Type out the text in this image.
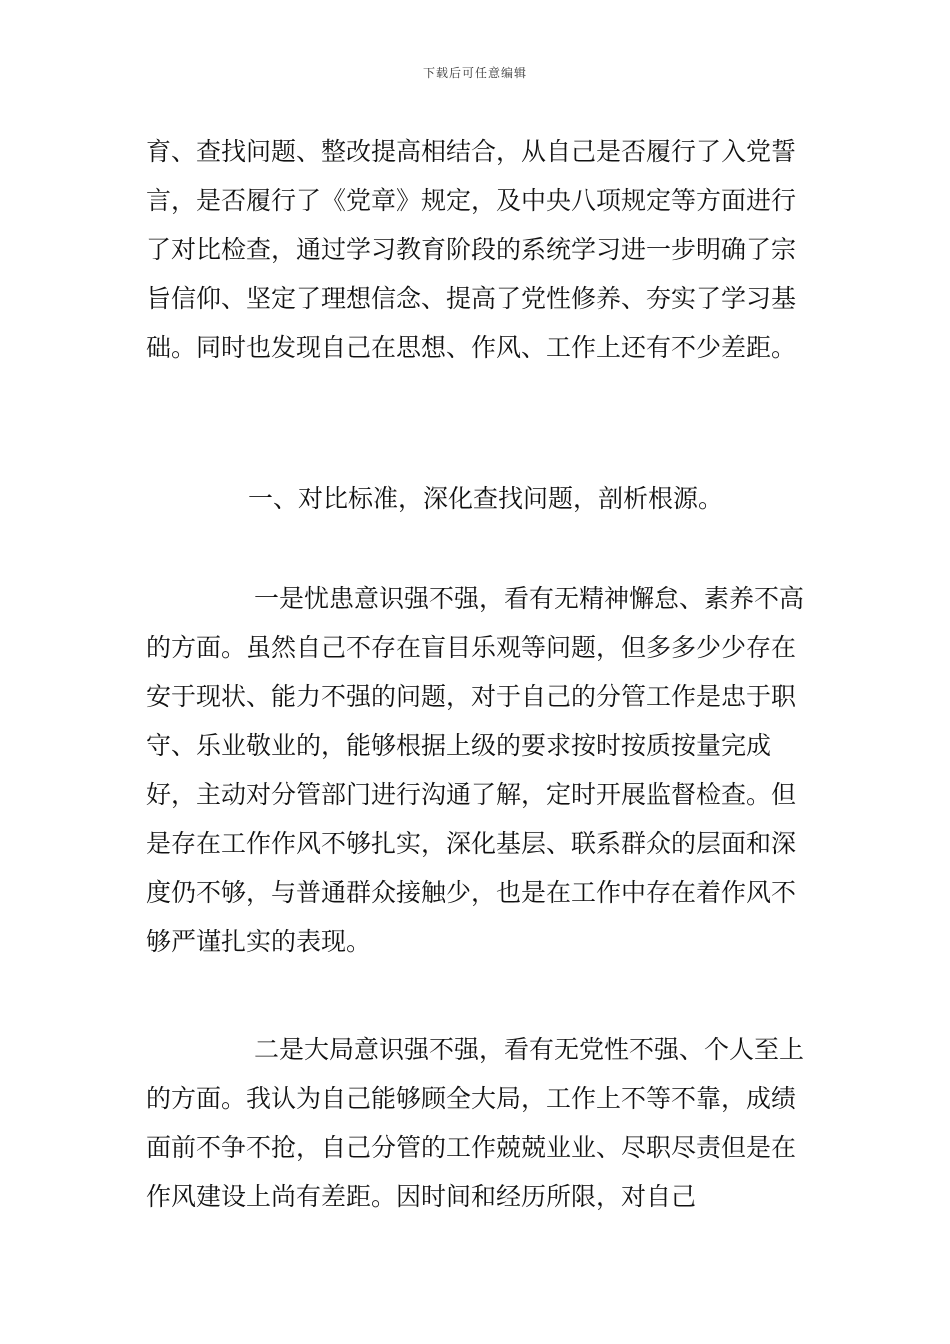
下载后可任意编辑

育、查找问题、整改提高相结合，从自己是否履行了入党誓言，是否履行了《党章》规定，及中央八项规定等方面进行了对比检查，通过学习教育阶段的系统学习进一步明确了宗旨信仰、坚定了理想信念、提高了党性修养、夯实了学习基础。同时也发现自己在思想、作风、工作上还有不少差距。

一、对比标准，深化查找问题，剖析根源。

一是忧患意识强不强，看有无精神懈怠、素养不高的方面。虽然自己不存在盲目乐观等问题，但多多少少存在安于现状、能力不强的问题，对于自己的分管工作是忠于职守、乐业敬业的，能够根据上级的要求按时按质按量完成好，主动对分管部门进行沟通了解，定时开展监督检查。但是存在工作作风不够扎实，深化基层、联系群众的层面和深度仍不够，与普通群众接触少，也是在工作中存在着作风不够严谨扎实的表现。

二是大局意识强不强，看有无党性不强、个人至上的方面。我认为自己能够顾全大局，工作上不等不靠，成绩面前不争不抢，自己分管的工作兢兢业业、尽职尽责但是在作风建设上尚有差距。因时间和经历所限，对自己
